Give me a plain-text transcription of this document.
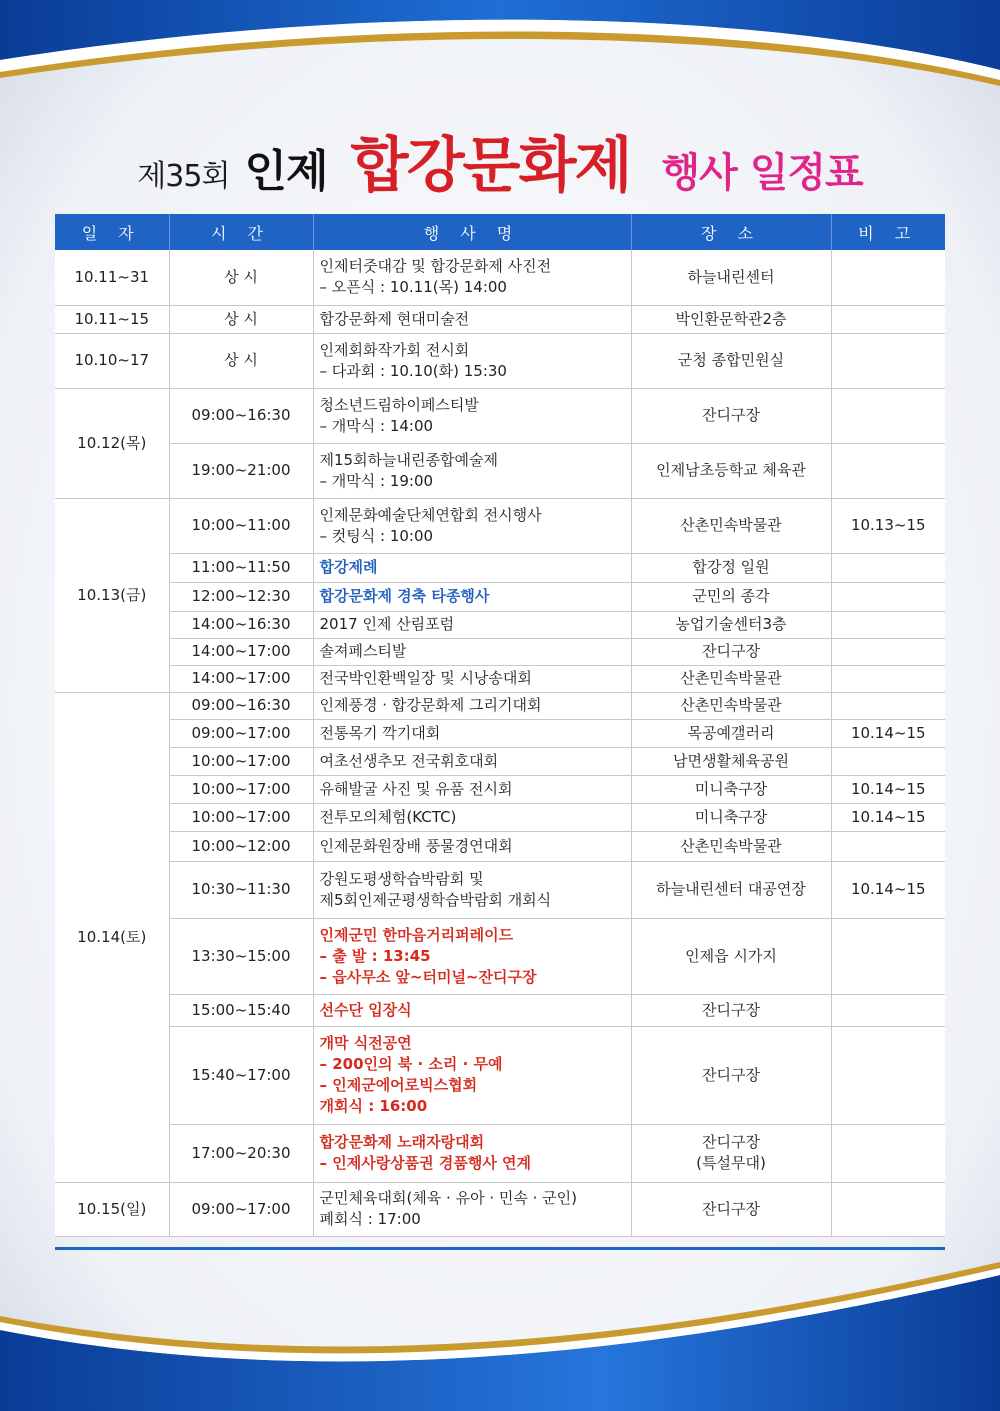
제35회 인제 합강문화제 행사 일정표
일 자	시 간	행 사 명	장 소	비 고
10.11~31	상 시	인제터줏대감 및 합강문화제 사진전
– 오픈식 : 10.11(목) 14:00	하늘내린센터	
10.11~15	상 시	합강문화제 현대미술전	박인환문학관2층	
10.10~17	상 시	인제회화작가회 전시회
– 다과회 : 10.10(화) 15:30	군청 종합민원실	
10.12(목)	09:00~16:30	청소년드림하이페스티발
– 개막식 : 14:00	잔디구장	
	19:00~21:00	제15회하늘내린종합예술제
– 개막식 : 19:00	인제남초등학교 체육관	
10.13(금)	10:00~11:00	인제문화예술단체연합회 전시행사
– 컷팅식 : 10:00	산촌민속박물관	10.13~15
	11:00~11:50	합강제례	합강정 일원	
	12:00~12:30	합강문화제 경축 타종행사	군민의 종각	
	14:00~16:30	2017 인제 산림포럼	농업기술센터3층	
	14:00~17:00	솔져페스티발	잔디구장	
	14:00~17:00	전국박인환백일장 및 시낭송대회	산촌민속박물관	
10.14(토)	09:00~16:30	인제풍경 · 합강문화제 그리기대회	산촌민속박물관	
	09:00~17:00	전통목기 깍기대회	목공예갤러리	10.14~15
	10:00~17:00	여초선생추모 전국휘호대회	남면생활체육공원	
	10:00~17:00	유해발굴 사진 및 유품 전시회	미니축구장	10.14~15
	10:00~17:00	전투모의체험(KCTC)	미니축구장	10.14~15
	10:00~12:00	인제문화원장배 풍물경연대회	산촌민속박물관	
	10:30~11:30	강원도평생학습박람회 및
제5회인제군평생학습박람회 개회식	하늘내린센터 대공연장	10.14~15
	13:30~15:00	인제군민 한마음거리퍼레이드
– 출 발 : 13:45
– 읍사무소 앞~터미널~잔디구장	인제읍 시가지	
	15:00~15:40	선수단 입장식	잔디구장	
	15:40~17:00	개막 식전공연
– 200인의 북 · 소리 · 무예
– 인제군에어로빅스협회
개회식 : 16:00	잔디구장	
	17:00~20:30	합강문화제 노래자랑대회
– 인제사랑상품권 경품행사 연계	잔디구장
(특설무대)	

10.15(일)	09:00~17:00	군민체육대회(체육 · 유아 · 민속 · 군인)
폐회식 : 17:00	잔디구장	
